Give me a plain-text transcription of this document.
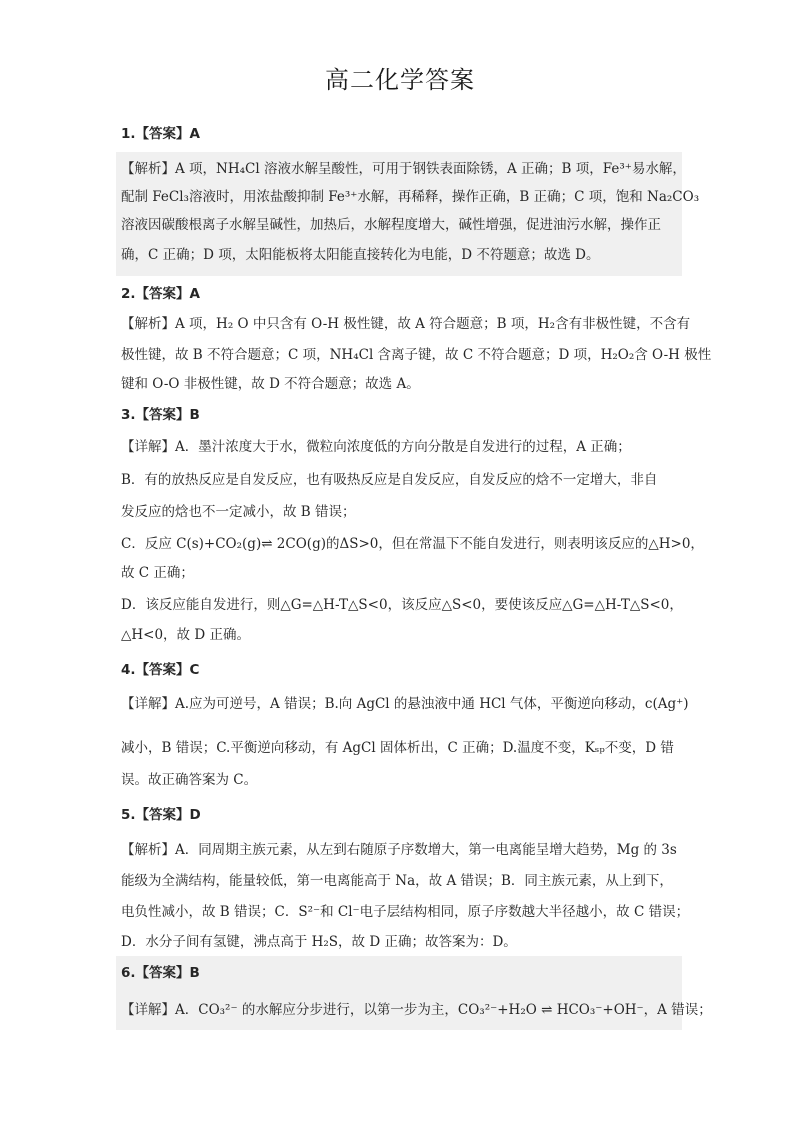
高二化学答案
1.【答案】A
【解析】A 项，NH₄Cl 溶液水解呈酸性，可用于钢铁表面除锈，A 正确；B 项，Fe³⁺易水解，
配制 FeCl₃溶液时，用浓盐酸抑制 Fe³⁺水解，再稀释，操作正确，B 正确；C 项，饱和 Na₂CO₃
溶液因碳酸根离子水解呈碱性，加热后，水解程度增大，碱性增强，促进油污水解，操作正
确，C 正确；D 项，太阳能板将太阳能直接转化为电能，D 不符题意；故选 D。
2.【答案】A
【解析】A 项，H₂ O 中只含有 O-H 极性键，故 A 符合题意；B 项，H₂含有非极性键，不含有
极性键，故 B 不符合题意；C 项，NH₄Cl 含离子键，故 C 不符合题意；D 项，H₂O₂含 O-H 极性
键和 O-O 非极性键，故 D 不符合题意；故选 A。
3.【答案】B
【详解】A．墨汁浓度大于水，微粒向浓度低的方向分散是自发进行的过程，A 正确；
B．有的放热反应是自发反应，也有吸热反应是自发反应，自发反应的焓不一定增大，非自
发反应的焓也不一定减小，故 B 错误；
C．反应 C(s)+CO₂(g)⇌ 2CO(g)的ΔS>0，但在常温下不能自发进行，则表明该反应的△H>0，
故 C 正确；
D．该反应能自发进行，则△G=△H-T△S<0，该反应△S<0，要使该反应△G=△H-T△S<0，
△H<0，故 D 正确。
4.【答案】C
【详解】A.应为可逆号，A 错误；B.向 AgCl 的悬浊液中通 HCl 气体，平衡逆向移动，c(Ag⁺)
减小，B 错误；C.平衡逆向移动，有 AgCl 固体析出，C 正确；D.温度不变，Kₛₚ不变，D 错
误。故正确答案为 C。
5.【答案】D
【解析】A．同周期主族元素，从左到右随原子序数增大，第一电离能呈增大趋势，Mg 的 3s
能级为全满结构，能量较低，第一电离能高于 Na，故 A 错误；B．同主族元素，从上到下，
电负性减小，故 B 错误；C．S²⁻和 Cl⁻电子层结构相同，原子序数越大半径越小，故 C 错误；
D．水分子间有氢键，沸点高于 H₂S，故 D 正确；故答案为：D。
6.【答案】B
【详解】A．CO₃²⁻ 的水解应分步进行，以第一步为主，CO₃²⁻+H₂O ⇌ HCO₃⁻+OH⁻，A 错误；
